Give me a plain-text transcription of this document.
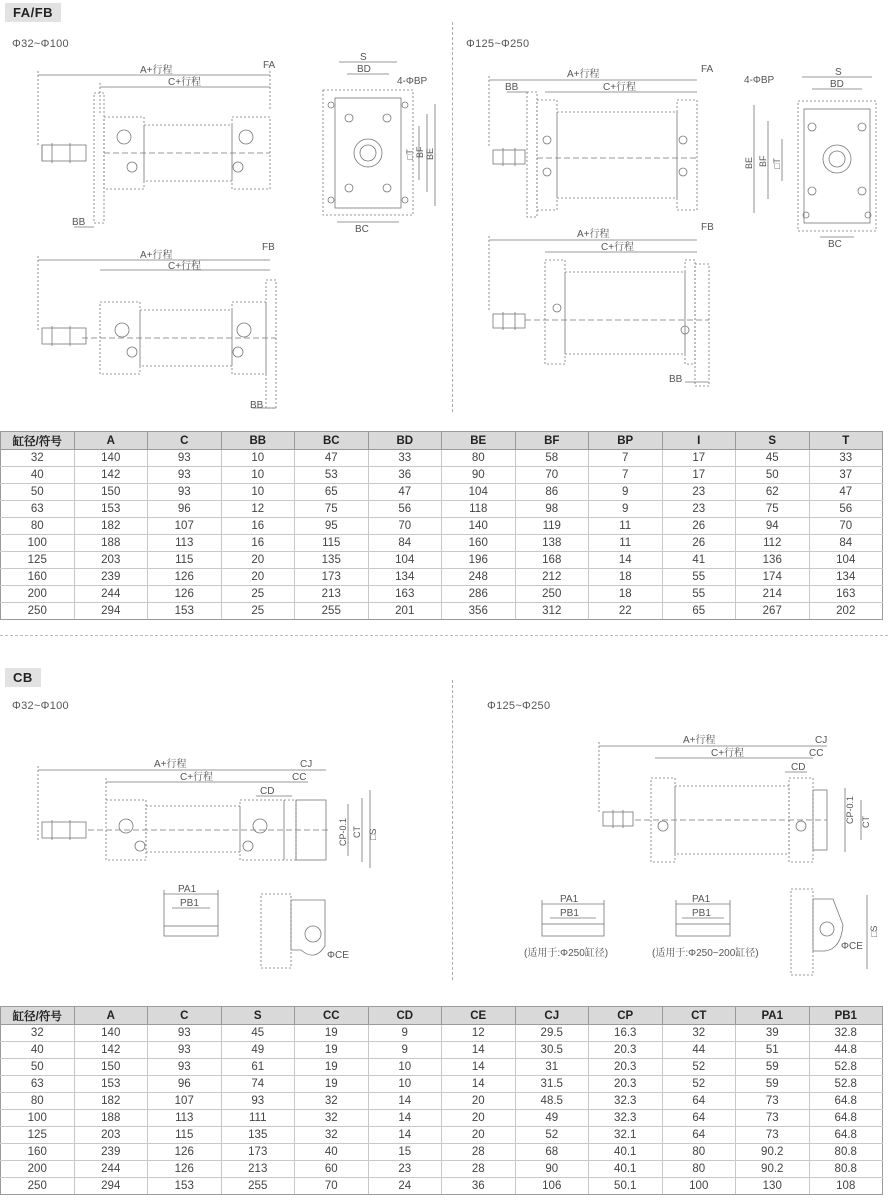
FA/FB
Φ32~Φ100	Φ125~Φ250
A+行程
C+行程
FA
BB
S
BD
4-ΦBP
BC
□T BF BE
A+行程
C+行程
FB
BB
A+行程
C+行程
FA
BB
S
BD
4-ΦBP
BC
BE BF □T
A+行程
C+行程
FB
BB
缸径/符号	A	C	BB	BC	BD	BE	BF	BP	I	S	T
32	140	93	10	47	33	80	58	7	17	45	33
40	142	93	10	53	36	90	70	7	17	50	37
50	150	93	10	65	47	104	86	9	23	62	47
63	153	96	12	75	56	118	98	9	23	75	56
80	182	107	16	95	70	140	119	11	26	94	70
100	188	113	16	115	84	160	138	11	26	112	84
125	203	115	20	135	104	196	168	14	41	136	104
160	239	126	20	173	134	248	212	18	55	174	134
200	244	126	25	213	163	286	250	18	55	214	163
250	294	153	25	255	201	356	312	22	65	267	202
CB
Φ32~Φ100	Φ125~Φ250
A+行程
C+行程
CJ
CC
CD
CP-0.1 CT □S
PA1
PB1
ΦCE
A+行程
C+行程
CJ
CC
CD
CP-0.1 CT
PA1
PB1
(适用于:Φ250缸径)
PA1
PB1
(适用于:Φ250~200缸径)
ΦCE
□S
缸径/符号	A	C	S	CC	CD	CE	CJ	CP	CT	PA1	PB1
32	140	93	45	19	9	12	29.5	16.3	32	39	32.8
40	142	93	49	19	9	14	30.5	20.3	44	51	44.8
50	150	93	61	19	10	14	31	20.3	52	59	52.8
63	153	96	74	19	10	14	31.5	20.3	52	59	52.8
80	182	107	93	32	14	20	48.5	32.3	64	73	64.8
100	188	113	111	32	14	20	49	32.3	64	73	64.8
125	203	115	135	32	14	20	52	32.1	64	73	64.8
160	239	126	173	40	15	28	68	40.1	80	90.2	80.8
200	244	126	213	60	23	28	90	40.1	80	90.2	80.8
250	294	153	255	70	24	36	106	50.1	100	130	108
